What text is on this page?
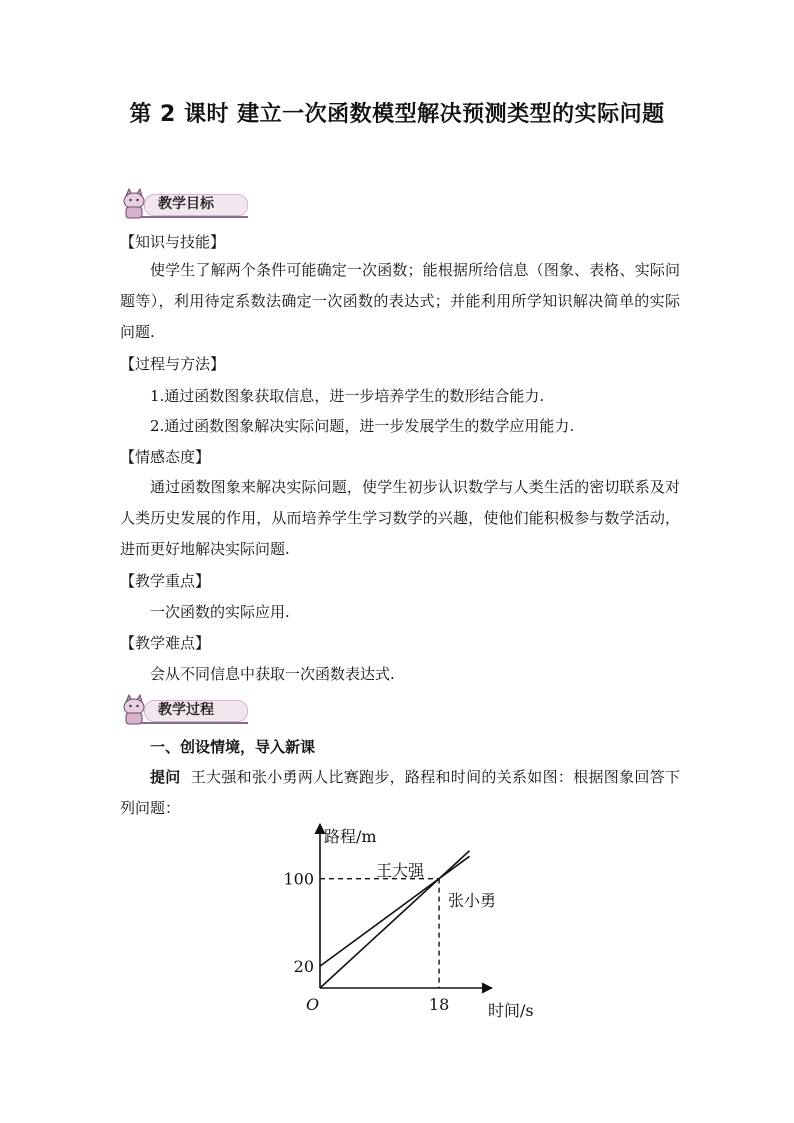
第 2 课时 建立一次函数模型解决预测类型的实际问题
教学目标
【知识与技能】
使学生了解两个条件可能确定一次函数；能根据所给信息（图象、表格、实际问题等），利用待定系数法确定一次函数的表达式；并能利用所学知识解决简单的实际问题.
【过程与方法】
1.通过函数图象获取信息，进一步培养学生的数形结合能力.
2.通过函数图象解决实际问题，进一步发展学生的数学应用能力.
【情感态度】
通过函数图象来解决实际问题，使学生初步认识数学与人类生活的密切联系及对人类历史发展的作用，从而培养学生学习数学的兴趣，使他们能积极参与数学活动，进而更好地解决实际问题.
【教学重点】
一次函数的实际应用.
【教学难点】
会从不同信息中获取一次函数表达式.
教学过程
一、创设情境，导入新课
提问 王大强和张小勇两人比赛跑步，路程和时间的关系如图：根据图象回答下列问题：
路程/m
时间/s
O
20
100
18
王大强
张小勇
